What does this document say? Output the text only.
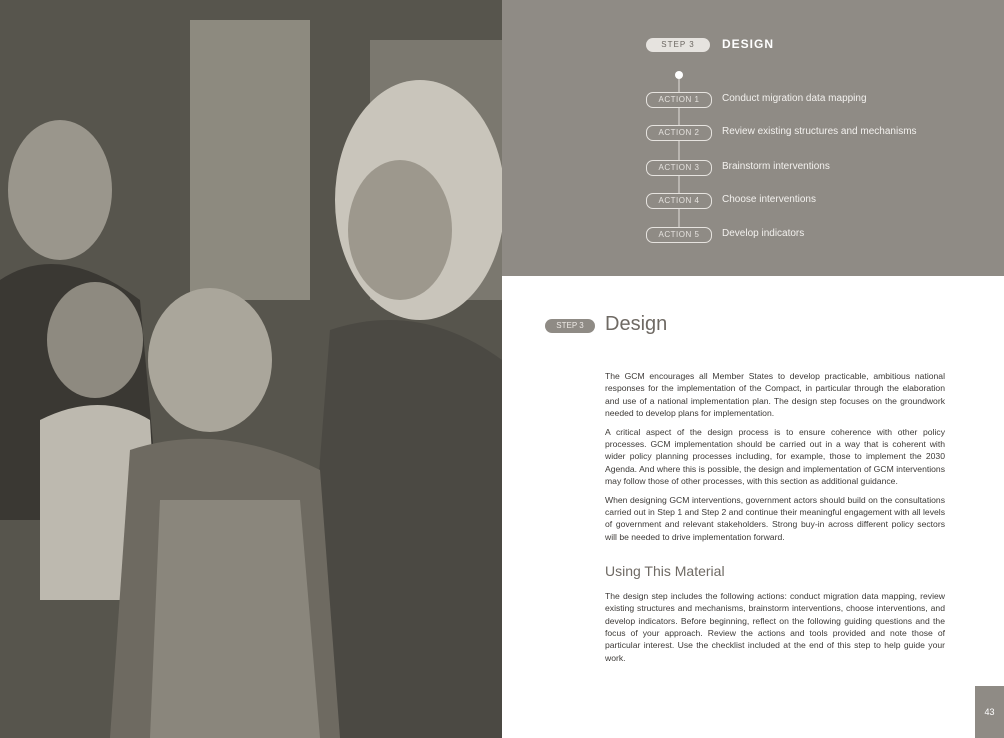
STEP 3	DESIGN
ACTION 1	Conduct migration data mapping
ACTION 2	Review existing structures and mechanisms
ACTION 3	Brainstorm interventions
ACTION 4	Choose interventions
ACTION 5	Develop indicators
STEP 3	Design

The GCM encourages all Member States to develop practicable, ambitious national responses for the implementation of the Compact, in particular through the elaboration and use of a national implementation plan. The design step focuses on the groundwork needed to develop plans for implementation.

A critical aspect of the design process is to ensure coherence with other policy processes. GCM implementation should be carried out in a way that is coherent with wider policy planning processes including, for example, those to implement the 2030 Agenda. And where this is possible, the design and implementation of GCM interventions may follow those of other processes, with this section as additional guidance.

When designing GCM interventions, government actors should build on the consultations carried out in Step 1 and Step 2 and continue their meaningful engagement with all levels of government and relevant stakeholders. Strong buy-in across different policy sectors will be needed to drive implementation forward.

Using This Material

The design step includes the following actions: conduct migration data mapping, review existing structures and mechanisms, brainstorm interventions, choose interventions, and develop indicators. Before beginning, reflect on the following guiding questions and the focus of your approach. Review the actions and tools provided and note those of particular interest. Use the checklist included at the end of this step to help guide your work.

43
